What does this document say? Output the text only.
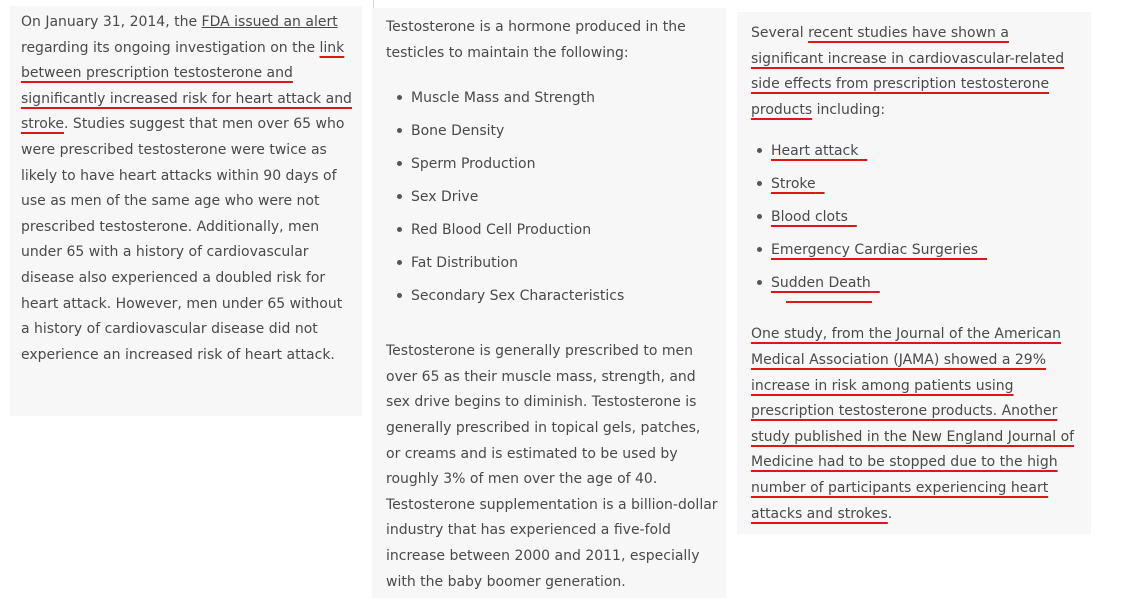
On January 31, 2014, the FDA issued an alert regarding its ongoing investigation on the link between prescription testosterone and significantly increased risk for heart attack and stroke. Studies suggest that men over 65 who were prescribed testosterone were twice as likely to have heart attacks within 90 days of use as men of the same age who were not prescribed testosterone. Additionally, men under 65 with a history of cardiovascular disease also experienced a doubled risk for heart attack. However, men under 65 without a history of cardiovascular disease did not experience an increased risk of heart attack.

Testosterone is a hormone produced in the testicles to maintain the following:

Muscle Mass and Strength
Bone Density
Sperm Production
Sex Drive
Red Blood Cell Production
Fat Distribution
Secondary Sex Characteristics

Testosterone is generally prescribed to men over 65 as their muscle mass, strength, and sex drive begins to diminish. Testosterone is generally prescribed in topical gels, patches, or creams and is estimated to be used by roughly 3% of men over the age of 40. Testosterone supplementation is a billion-dollar industry that has experienced a five-fold increase between 2000 and 2011, especially with the baby boomer generation.

Several recent studies have shown a significant increase in cardiovascular-related side effects from prescription testosterone products including:

Heart attack
Stroke
Blood clots
Emergency Cardiac Surgeries
Sudden Death

One study, from the Journal of the American Medical Association (JAMA) showed a 29% increase in risk among patients using prescription testosterone products. Another study published in the New England Journal of Medicine had to be stopped due to the high number of participants experiencing heart attacks and strokes.
